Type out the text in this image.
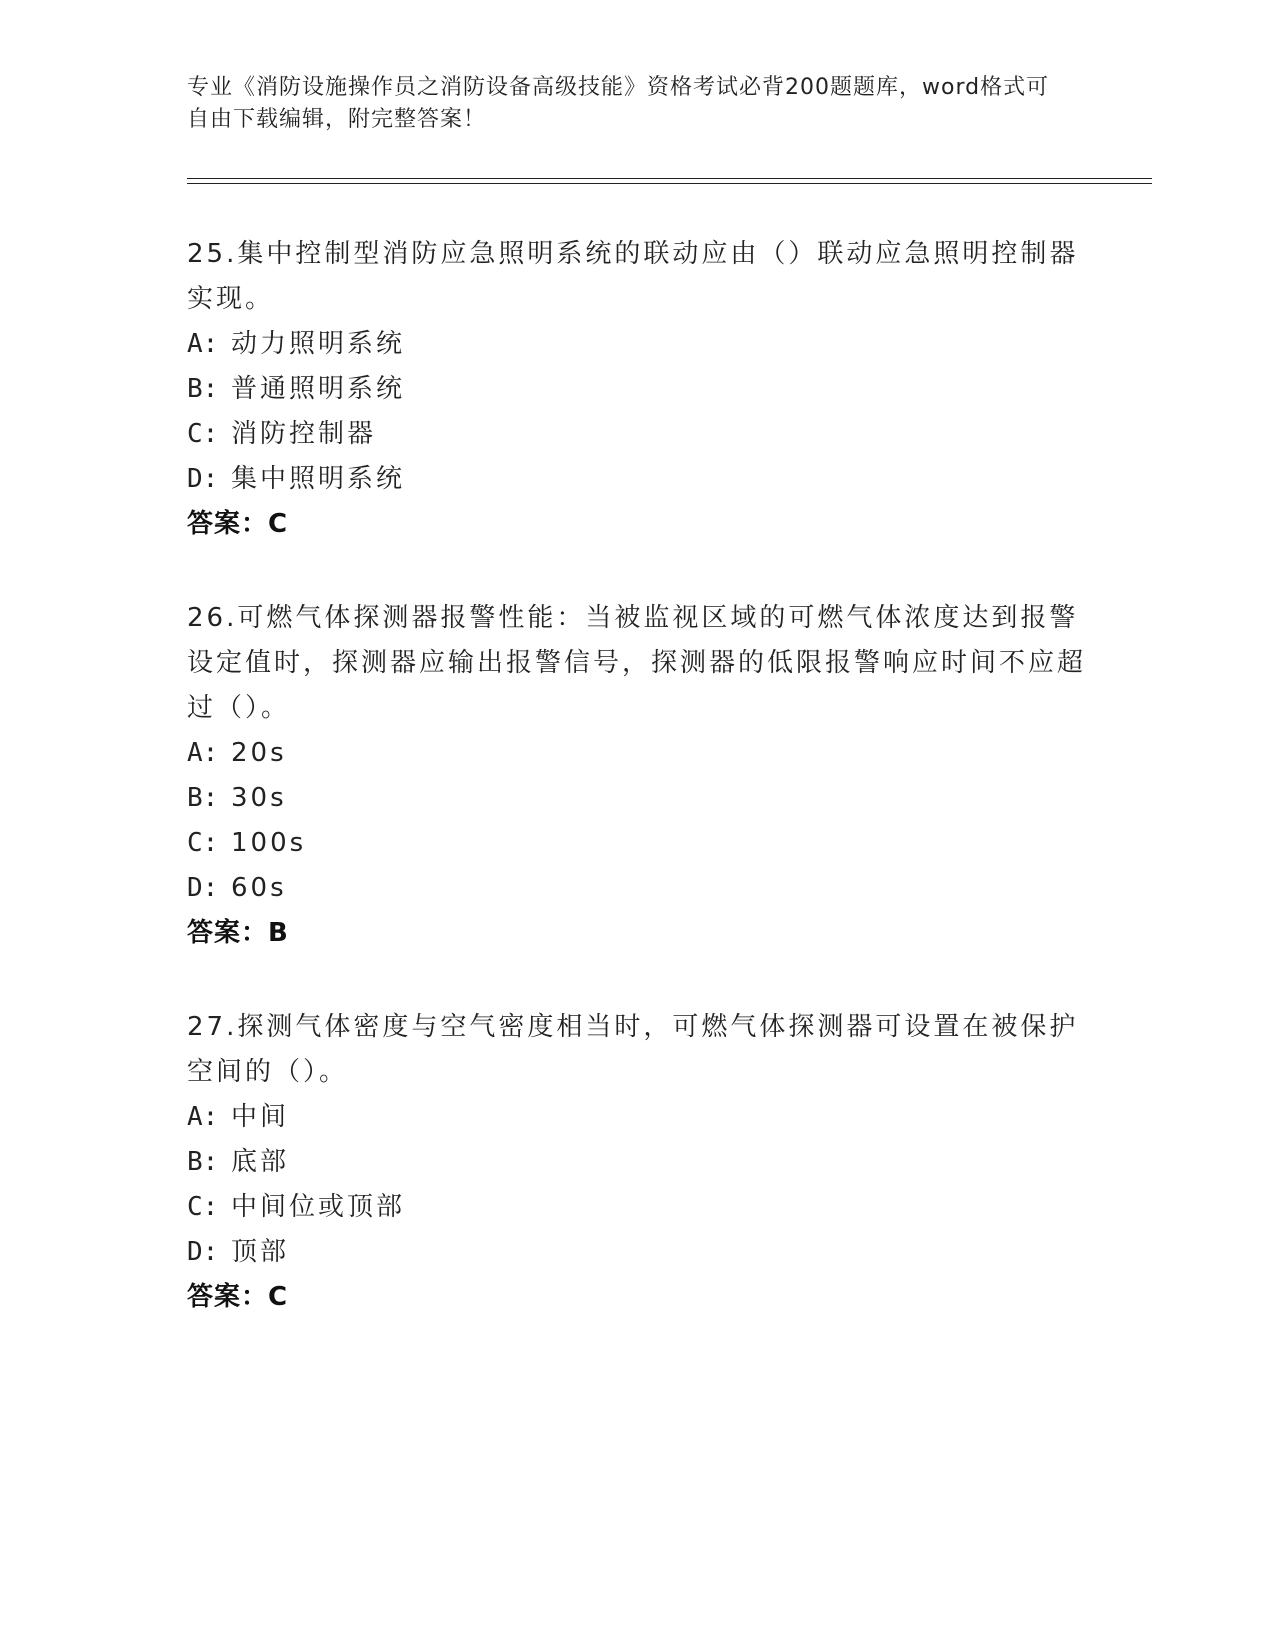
专业《消防设施操作员之消防设备高级技能》资格考试必背200题题库，word格式可自由下载编辑，附完整答案！
25.集中控制型消防应急照明系统的联动应由（）联动应急照明控制器实现。
A: 动力照明系统
B: 普通照明系统
C: 消防控制器
D: 集中照明系统
答案：C
26.可燃气体探测器报警性能：当被监视区域的可燃气体浓度达到报警设定值时，探测器应输出报警信号，探测器的低限报警响应时间不应超过（）。
A: 20s
B: 30s
C: 100s
D: 60s
答案：B
27.探测气体密度与空气密度相当时，可燃气体探测器可设置在被保护空间的（）。
A: 中间
B: 底部
C: 中间位或顶部
D: 顶部
答案：C
